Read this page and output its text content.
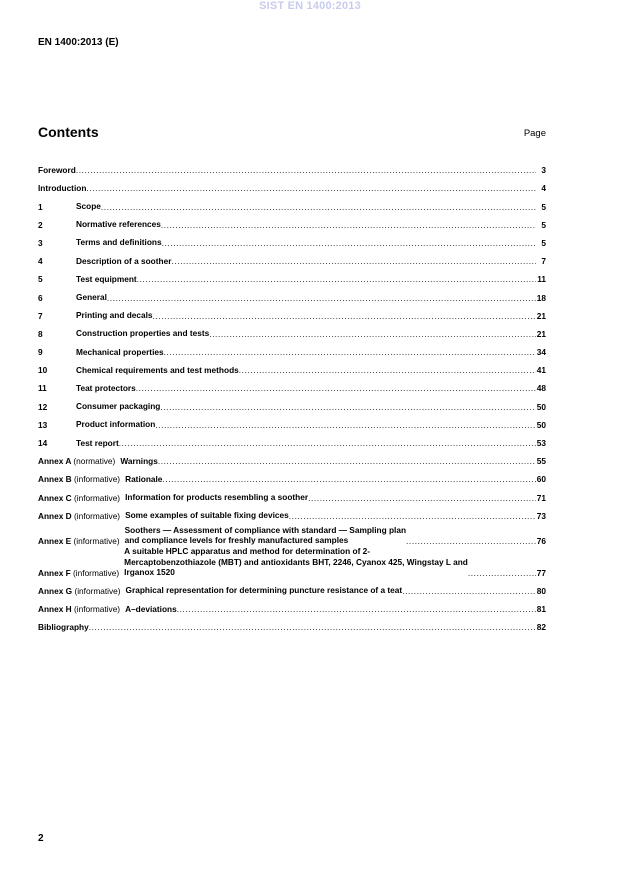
SIST EN 1400:2013
EN 1400:2013 (E)
Contents	Page
Foreword .....	3
Introduction .....	4
1	Scope .....	5
2	Normative references .....	5
3	Terms and definitions .....	5
4	Description of a soother .....	7
5	Test equipment .....	11
6	General .....	18
7	Printing and decals .....	21
8	Construction properties and tests .....	21
9	Mechanical properties .....	34
10	Chemical requirements and test methods .....	41
11	Teat protectors .....	48
12	Consumer packaging .....	50
13	Product information .....	50
14	Test report .....	53
Annex A (normative) Warnings .....	55
Annex B (informative) Rationale .....	60
Annex C (informative) Information for products resembling a soother .....	71
Annex D (informative) Some examples of suitable fixing devices .....	73
Annex E (informative)
Soothers — Assessment of compliance with standard — Sampling plan
and compliance levels for freshly manufactured samples .....	76
Annex F (informative)
A suitable HPLC apparatus and method for determination of 2-
Mercaptobenzothiazole (MBT) and antioxidants BHT, 2246, Cyanox 425, Wingstay L and
Irganox 1520 .....	77
Annex G (informative) Graphical representation for determining puncture resistance of a teat .....	80
Annex H (informative) A–deviations .....	81
Bibliography .....	82
2
